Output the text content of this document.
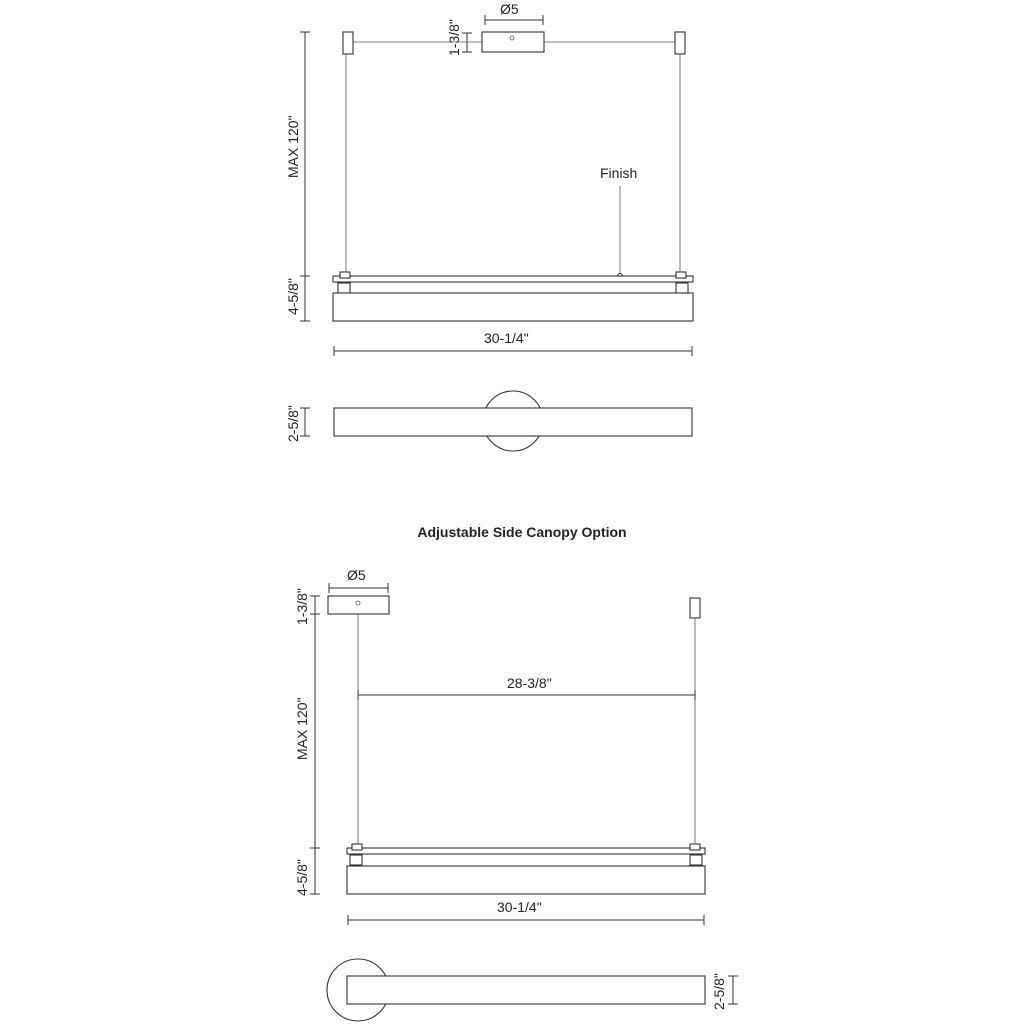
Ø5
1-3/8"
MAX 120"	Finish
4-5/8"
30-1/4"
2-5/8"
Adjustable Side Canopy Option
Ø5
1-3/8"
28-3/8"
MAX 120"
4-5/8"
30-1/4"
2-5/8"
